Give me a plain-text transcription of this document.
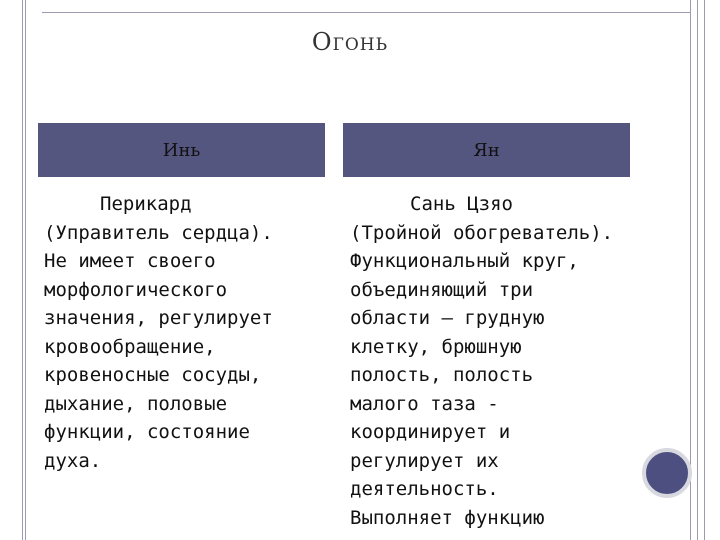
Огонь
Инь	Ян
Перикард
(Управитель сердца).
Не имеет своего
морфологического
значения, регулирует
кровообращение,
кровеносные сосуды,
дыхание, половые
функции, состояние
духа.
Сань Цзяо
(Тройной обогреватель).
Функциональный круг,
объединяющий три
области – грудную
клетку, брюшную
полость, полость
малого таза -
координирует и
регулирует их
деятельность.
Выполняет функцию
